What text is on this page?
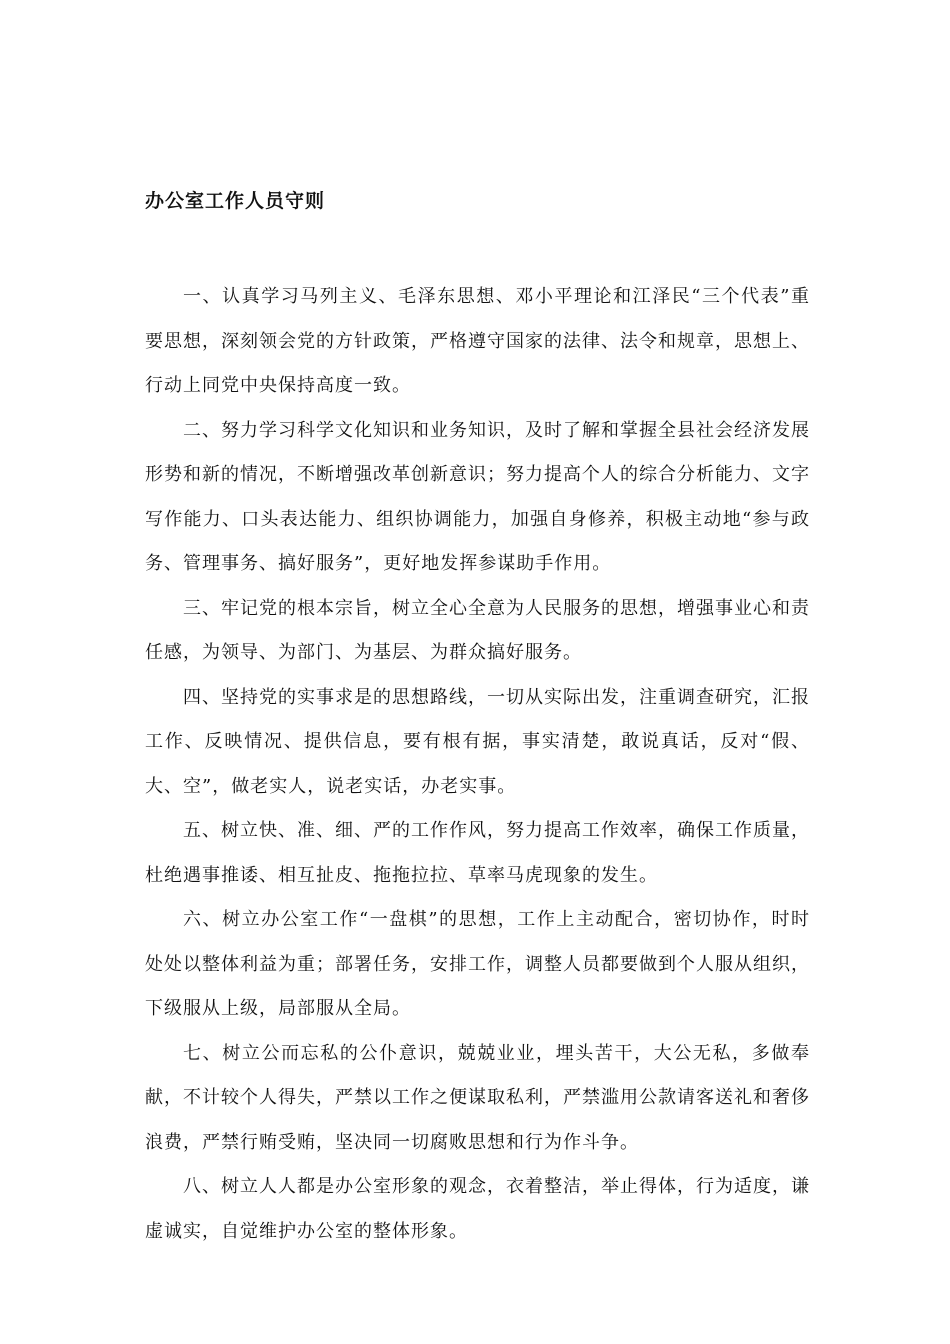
办公室工作人员守则

一、认真学习马列主义、毛泽东思想、邓小平理论和江泽民“三个代表”重要思想，深刻领会党的方针政策，严格遵守国家的法律、法令和规章，思想上、行动上同党中央保持高度一致。

二、努力学习科学文化知识和业务知识，及时了解和掌握全县社会经济发展形势和新的情况，不断增强改革创新意识；努力提高个人的综合分析能力、文字写作能力、口头表达能力、组织协调能力，加强自身修养，积极主动地“参与政务、管理事务、搞好服务”，更好地发挥参谋助手作用。

三、牢记党的根本宗旨，树立全心全意为人民服务的思想，增强事业心和责任感，为领导、为部门、为基层、为群众搞好服务。

四、坚持党的实事求是的思想路线，一切从实际出发，注重调查研究，汇报工作、反映情况、提供信息，要有根有据，事实清楚，敢说真话，反对“假、大、空”，做老实人，说老实话，办老实事。

五、树立快、准、细、严的工作作风，努力提高工作效率，确保工作质量，杜绝遇事推诿、相互扯皮、拖拖拉拉、草率马虎现象的发生。

六、树立办公室工作“一盘棋”的思想，工作上主动配合，密切协作，时时处处以整体利益为重；部署任务，安排工作，调整人员都要做到个人服从组织，下级服从上级，局部服从全局。

七、树立公而忘私的公仆意识，兢兢业业，埋头苦干，大公无私，多做奉献，不计较个人得失，严禁以工作之便谋取私利，严禁滥用公款请客送礼和奢侈浪费，严禁行贿受贿，坚决同一切腐败思想和行为作斗争。

八、树立人人都是办公室形象的观念，衣着整洁，举止得体，行为适度，谦虚诚实，自觉维护办公室的整体形象。
